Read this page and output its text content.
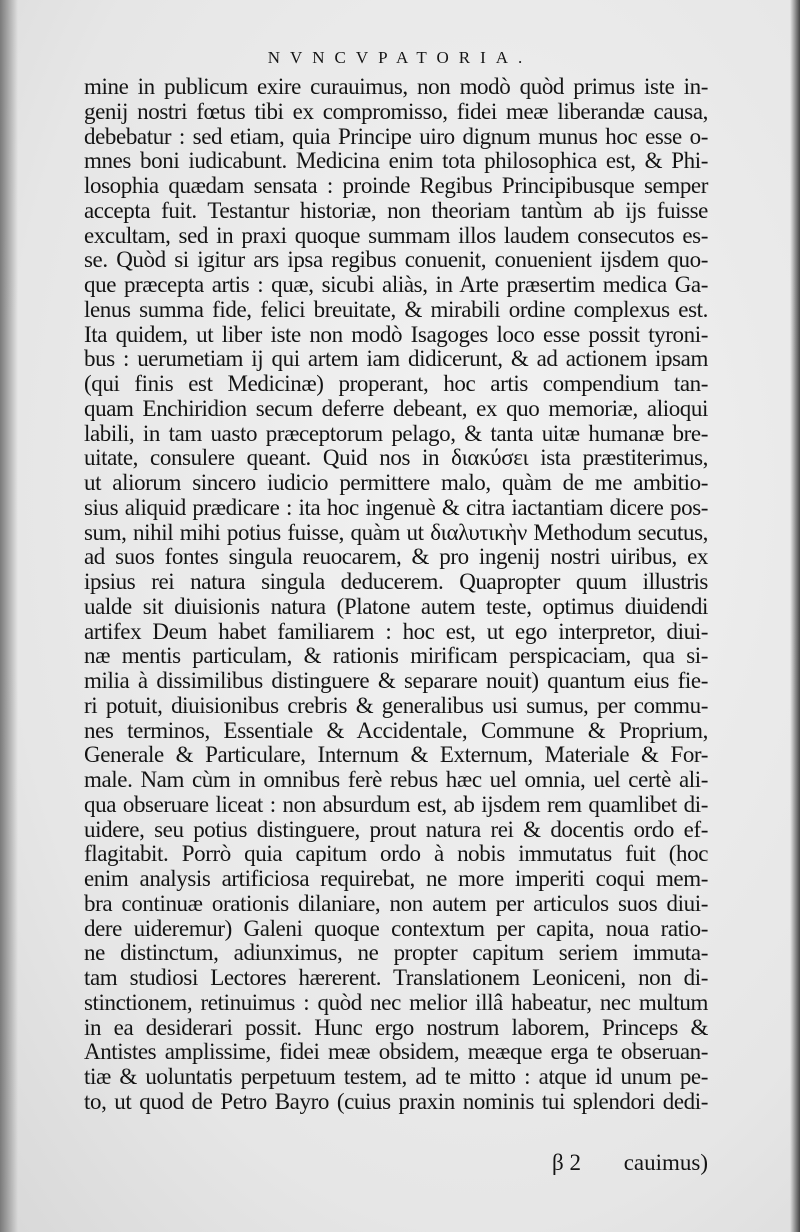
NVNCVPATORIA.
mine in publicum exire curauimus, non modò quòd primus iste in-
genij nostri fœtus tibi ex compromisso, fidei meæ liberandæ causa,
debebatur : sed etiam, quia Principe uiro dignum munus hoc esse o-
mnes boni iudicabunt. Medicina enim tota philosophica est, & Phi-
losophia quædam sensata : proinde Regibus Principibusque semper
accepta fuit. Testantur historiæ, non theoriam tantùm ab ijs fuisse
excultam, sed in praxi quoque summam illos laudem consecutos es-
se. Quòd si igitur ars ipsa regibus conuenit, conuenient ijsdem quo-
que præcepta artis : quæ, sicubi aliàs, in Arte præsertim medica Ga-
lenus summa fide, felici breuitate, & mirabili ordine complexus est.
Ita quidem, ut liber iste non modò Isagoges loco esse possit tyroni-
bus : uerumetiam ij qui artem iam didicerunt, & ad actionem ipsam
(qui finis est Medicinæ) properant, hoc artis compendium tan-
quam Enchiridion secum deferre debeant, ex quo memoriæ, alioqui
labili, in tam uasto præceptorum pelago, & tanta uitæ humanæ bre-
uitate, consulere queant. Quid nos in διακύσει ista præstiterimus,
ut aliorum sincero iudicio permittere malo, quàm de me ambitio-
sius aliquid prædicare : ita hoc ingenuè & citra iactantiam dicere pos-
sum, nihil mihi potius fuisse, quàm ut διαλυτικὴν Methodum secutus,
ad suos fontes singula reuocarem, & pro ingenij nostri uiribus, ex
ipsius rei natura singula deducerem. Quapropter quum illustris
ualde sit diuisionis natura (Platone autem teste, optimus diuidendi
artifex Deum habet familiarem : hoc est, ut ego interpretor, diui-
næ mentis particulam, & rationis mirificam perspicaciam, qua si-
milia à dissimilibus distinguere & separare nouit) quantum eius fie-
ri potuit, diuisionibus crebris & generalibus usi sumus, per commu-
nes terminos, Essentiale & Accidentale, Commune & Proprium,
Generale & Particulare, Internum & Externum, Materiale & For-
male. Nam cùm in omnibus ferè rebus hæc uel omnia, uel certè ali-
qua obseruare liceat : non absurdum est, ab ijsdem rem quamlibet di-
uidere, seu potius distinguere, prout natura rei & docentis ordo ef-
flagitabit. Porrò quia capitum ordo à nobis immutatus fuit (hoc
enim analysis artificiosa requirebat, ne more imperiti coqui mem-
bra continuæ orationis dilaniare, non autem per articulos suos diui-
dere uideremur) Galeni quoque contextum per capita, noua ratio-
ne distinctum, adiunximus, ne propter capitum seriem immuta-
tam studiosi Lectores hærerent. Translationem Leoniceni, non di-
stinctionem, retinuimus : quòd nec melior illâ habeatur, nec multum
in ea desiderari possit. Hunc ergo nostrum laborem, Princeps &
Antistes amplissime, fidei meæ obsidem, meæque erga te obseruan-
tiæ & uoluntatis perpetuum testem, ad te mitto : atque id unum pe-
to, ut quod de Petro Bayro (cuius praxin nominis tui splendori dedi-
β 2 cauimus)
